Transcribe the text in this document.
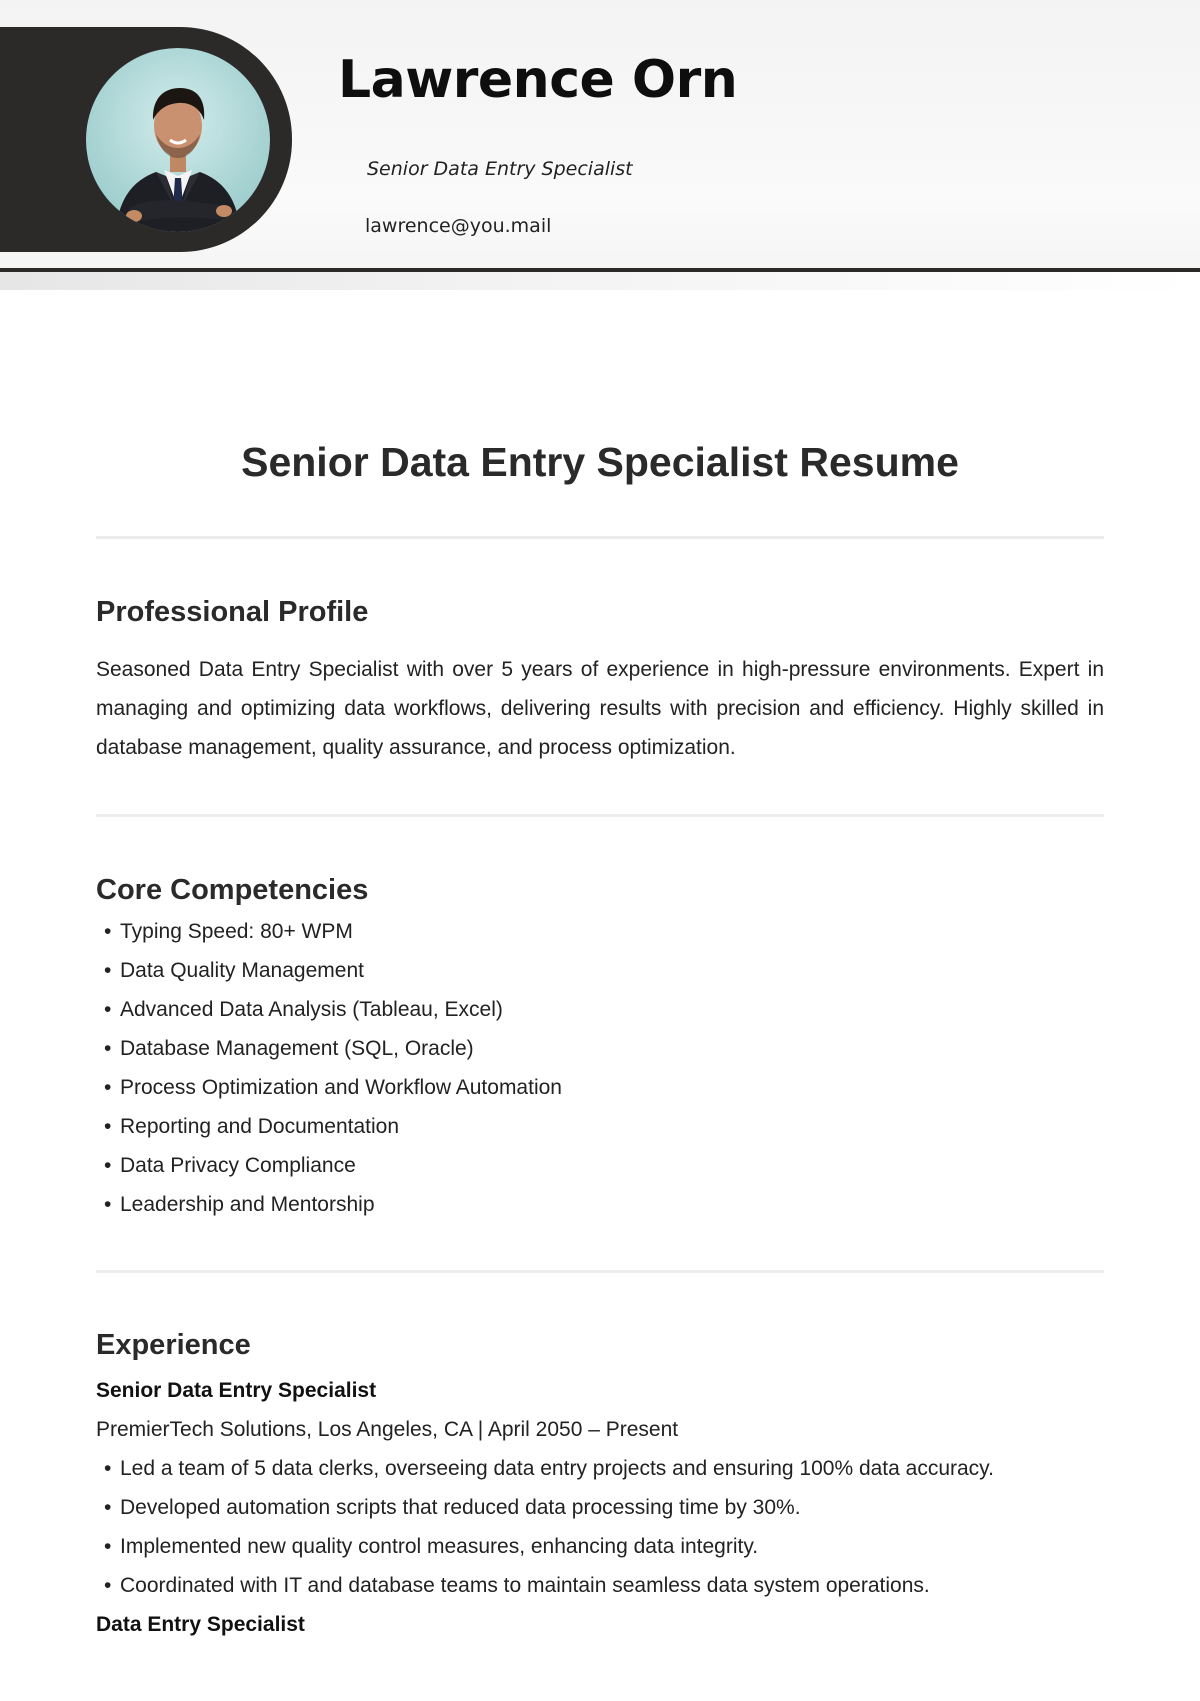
Lawrence Orn
Senior Data Entry Specialist
lawrence@you.mail
Senior Data Entry Specialist Resume
Professional Profile

Seasoned Data Entry Specialist with over 5 years of experience in high-pressure environments. Expert in managing and optimizing data workflows, delivering results with precision and efficiency. Highly skilled in database management, quality assurance, and process optimization.

Core Competencies
• Typing Speed: 80+ WPM
• Data Quality Management
• Advanced Data Analysis (Tableau, Excel)
• Database Management (SQL, Oracle)
• Process Optimization and Workflow Automation
• Reporting and Documentation
• Data Privacy Compliance
• Leadership and Mentorship
Experience

Senior Data Entry Specialist

PremierTech Solutions, Los Angeles, CA | April 2050 – Present

• Led a team of 5 data clerks, overseeing data entry projects and ensuring 100% data accuracy.
• Developed automation scripts that reduced data processing time by 30%.
• Implemented new quality control measures, enhancing data integrity.
• Coordinated with IT and database teams to maintain seamless data system operations.

Data Entry Specialist
